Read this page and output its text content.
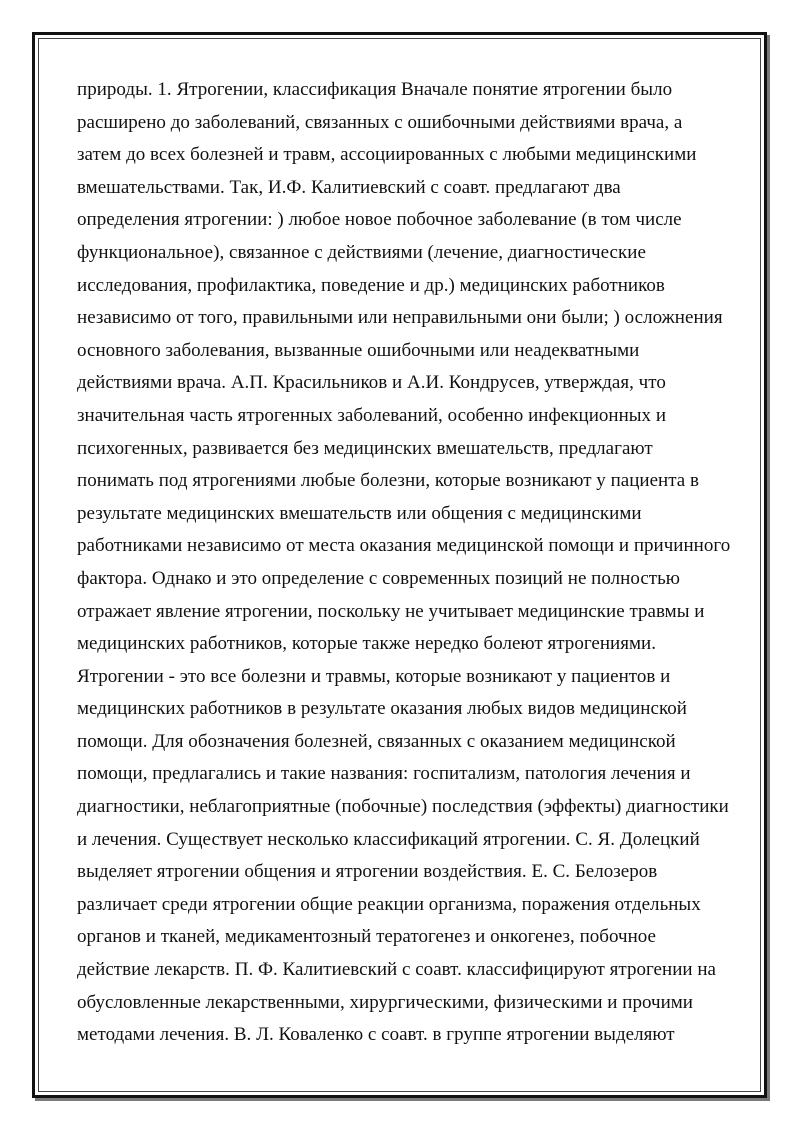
природы. 1. Ятрогении, классификация Вначале понятие ятрогении было
расширено до заболеваний, связанных с ошибочными действиями врача, а
затем до всех болезней и травм, ассоциированных с любыми медицинскими
вмешательствами. Так, И.Ф. Калитиевский с соавт. предлагают два
определения ятрогении: ) любое новое побочное заболевание (в том числе
функциональное), связанное с действиями (лечение, диагностические
исследования, профилактика, поведение и др.) медицинских работников
независимо от того, правильными или неправильными они были; ) осложнения
основного заболевания, вызванные ошибочными или неадекватными
действиями врача. А.П. Красильников и А.И. Кондрусев, утверждая, что
значительная часть ятрогенных заболеваний, особенно инфекционных и
психогенных, развивается без медицинских вмешательств, предлагают
понимать под ятрогениями любые болезни, которые возникают у пациента в
результате медицинских вмешательств или общения с медицинскими
работниками независимо от места оказания медицинской помощи и причинного
фактора. Однако и это определение с современных позиций не полностью
отражает явление ятрогении, поскольку не учитывает медицинские травмы и
медицинских работников, которые также нередко болеют ятрогениями.
Ятрогении - это все болезни и травмы, которые возникают у пациентов и
медицинских работников в результате оказания любых видов медицинской
помощи. Для обозначения болезней, связанных с оказанием медицинской
помощи, предлагались и такие названия: госпитализм, патология лечения и
диагностики, неблагоприятные (побочные) последствия (эффекты) диагностики
и лечения. Существует несколько классификаций ятрогении. С. Я. Долецкий
выделяет ятрогении общения и ятрогении воздействия. Е. С. Белозеров
различает среди ятрогении общие реакции организма, поражения отдельных
органов и тканей, медикаментозный тератогенез и онкогенез, побочное
действие лекарств. П. Ф. Калитиевский с соавт. классифицируют ятрогении на
обусловленные лекарственными, хирургическими, физическими и прочими
методами лечения. В. Л. Коваленко с соавт. в группе ятрогении выделяют
